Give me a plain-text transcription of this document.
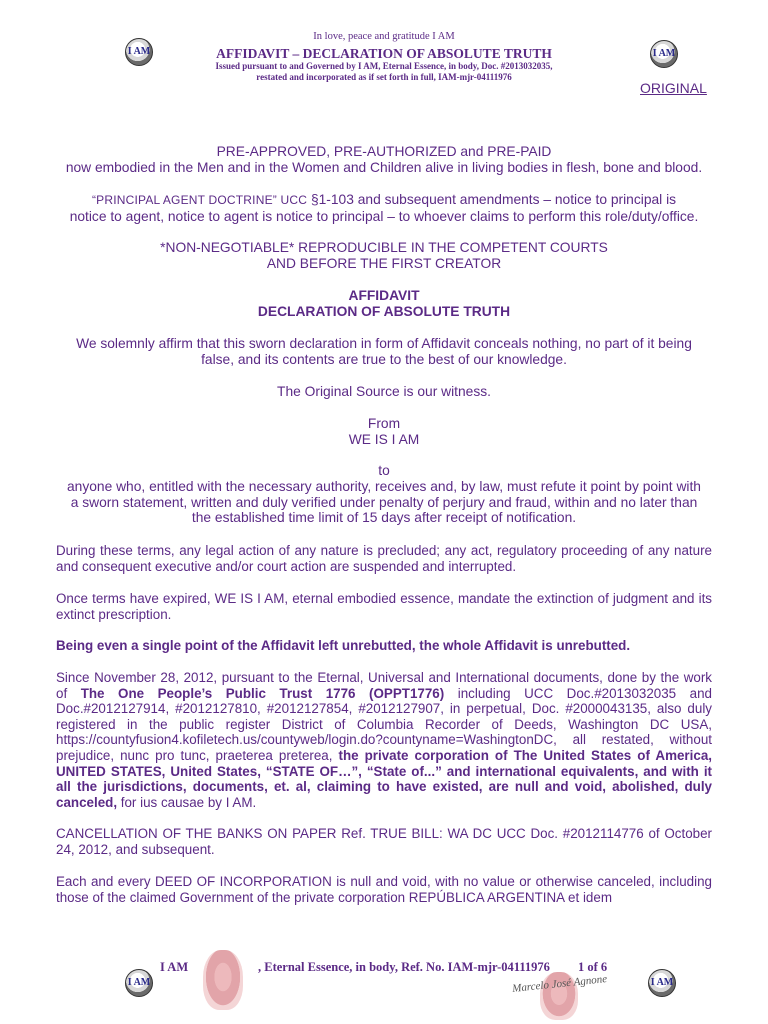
In love, peace and gratitude I AM
AFFIDAVIT – DECLARATION OF ABSOLUTE TRUTH
Issued pursuant to and Governed by I AM, Eternal Essence, in body, Doc. #2013032035,
restated and incorporated as if set forth in full, IAM-mjr-04111976
I AM	I AM
ORIGINAL
PRE-APPROVED, PRE-AUTHORIZED and PRE-PAID
now embodied in the Men and in the Women and Children alive in living bodies in flesh, bone and blood.
“PRINCIPAL AGENT DOCTRINE” UCC §1-103 and subsequent amendments – notice to principal is
notice to agent, notice to agent is notice to principal – to whoever claims to perform this role/duty/office.
*NON-NEGOTIABLE* REPRODUCIBLE IN THE COMPETENT COURTS
AND BEFORE THE FIRST CREATOR
AFFIDAVIT
DECLARATION OF ABSOLUTE TRUTH
We solemnly affirm that this sworn declaration in form of Affidavit conceals nothing, no part of it being
false, and its contents are true to the best of our knowledge.
The Original Source is our witness.
From
WE IS I AM
to
anyone who, entitled with the necessary authority, receives and, by law, must refute it point by point with
a sworn statement, written and duly verified under penalty of perjury and fraud, within and no later than
the established time limit of 15 days after receipt of notification.

During these terms, any legal action of any nature is precluded; any act, regulatory proceeding of any nature and consequent executive and/or court action are suspended and interrupted.

Once terms have expired, WE IS I AM, eternal embodied essence, mandate the extinction of judgment and its extinct prescription.

Being even a single point of the Affidavit left unrebutted, the whole Affidavit is unrebutted.

Since November 28, 2012, pursuant to the Eternal, Universal and International documents, done by the work of The One People’s Public Trust 1776 (OPPT1776) including UCC Doc.#2013032035 and Doc.#2012127914, #2012127810, #2012127854, #2012127907, in perpetual, Doc. #2000043135, also duly registered in the public register District of Columbia Recorder of Deeds, Washington DC USA, https://countyfusion4.kofiletech.us/countyweb/login.do?countyname=WashingtonDC, all restated, without prejudice, nunc pro tunc, praeterea preterea, the private corporation of The United States of America, UNITED STATES, United States, “STATE OF…”, “State of...” and international equivalents, and with it all the jurisdictions, documents, et. al, claiming to have existed, are null and void, abolished, duly canceled, for ius causae by I AM.

CANCELLATION OF THE BANKS ON PAPER Ref. TRUE BILL: WA DC UCC Doc. #2012114776 of October 24, 2012, and subsequent.

Each and every DEED OF INCORPORATION is null and void, with no value or otherwise canceled, including those of the claimed Government of the private corporation REPÚBLICA ARGENTINA et idem

I AM	I AM
I AM	, Eternal Essence, in body, Ref. No. IAM-mjr-04111976 1 of 6
Marcelo José Agnone
